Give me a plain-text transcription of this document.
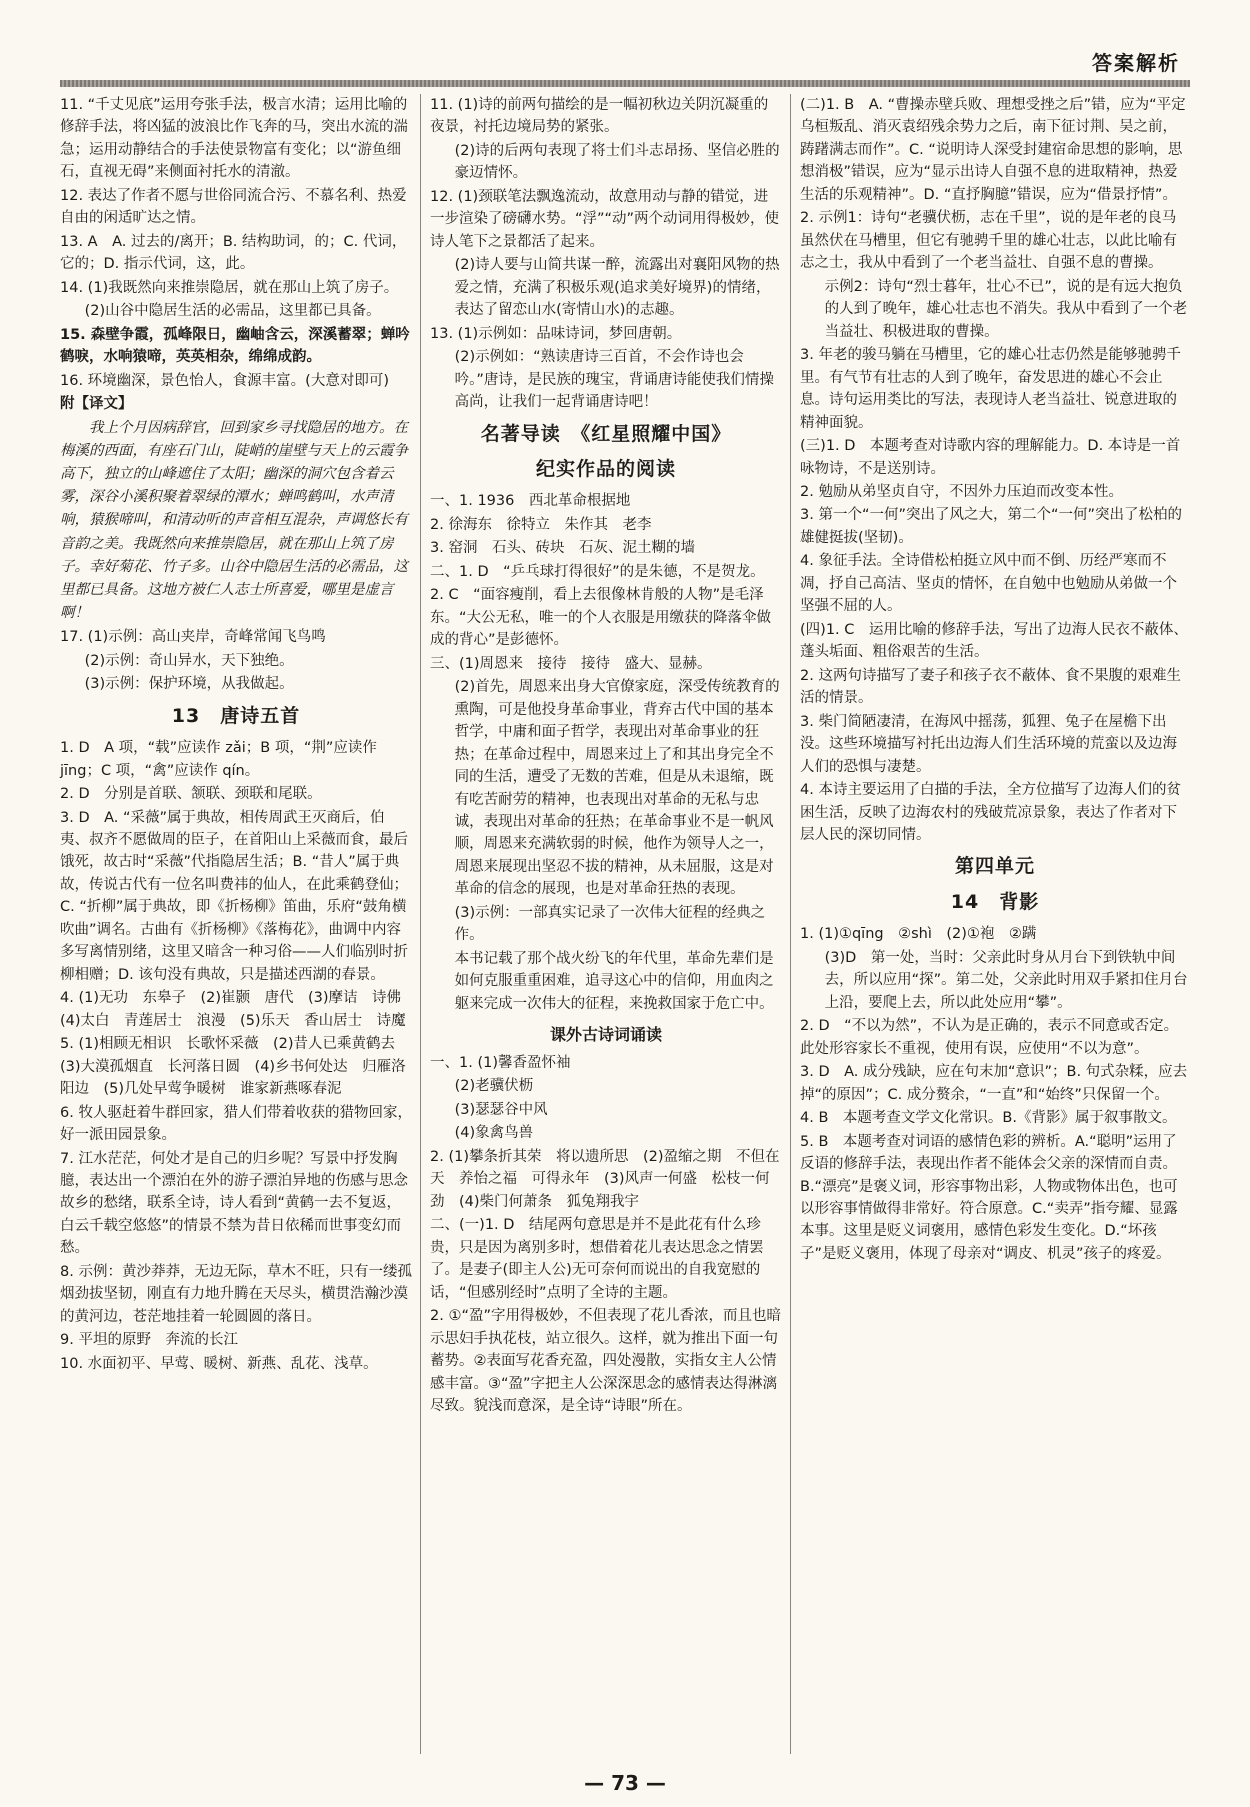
答案解析

11. “千丈见底”运用夸张手法，极言水清；运用比喻的修辞手法，将凶猛的波浪比作飞奔的马，突出水流的湍急；运用动静结合的手法使景物富有变化；以“游鱼细石，直视无碍”来侧面衬托水的清澈。

12. 表达了作者不愿与世俗同流合污、不慕名利、热爱自由的闲适旷达之情。

13. A　A. 过去的/离开；B. 结构助词，的；C. 代词，它的；D. 指示代词，这，此。

14. (1)我既然向来推崇隐居，就在那山上筑了房子。

(2)山谷中隐居生活的必需品，这里都已具备。

15. 森壁争霞，孤峰限日，幽岫含云，深溪蓄翠；蝉吟鹤唳，水响猿啼，英英相杂，绵绵成韵。

16. 环境幽深，景色怡人，食源丰富。(大意对即可)

附【译文】

我上个月因病辞官，回到家乡寻找隐居的地方。在梅溪的西面，有座石门山，陡峭的崖壁与天上的云霞争高下，独立的山峰遮住了太阳；幽深的洞穴包含着云雾，深谷小溪积聚着翠绿的潭水；蝉鸣鹤叫，水声清响，猿猴啼叫，和清动听的声音相互混杂，声调悠长有音韵之美。我既然向来推崇隐居，就在那山上筑了房子。幸好菊花、竹子多。山谷中隐居生活的必需品，这里都已具备。这地方被仁人志士所喜爱，哪里是虚言啊！

17. (1)示例：高山夹岸，奇峰常闻飞鸟鸣

(2)示例：奇山异水，天下独绝。

(3)示例：保护环境，从我做起。

13　唐诗五首

1. D　A 项，“载”应读作 zǎi；B 项，“荆”应读作 jīng；C 项，“禽”应读作 qín。

2. D　分别是首联、颔联、颈联和尾联。

3. D　A. “采薇”属于典故，相传周武王灭商后，伯夷、叔齐不愿做周的臣子，在首阳山上采薇而食，最后饿死，故古时“采薇”代指隐居生活；B. “昔人”属于典故，传说古代有一位名叫费祎的仙人，在此乘鹤登仙；C. “折柳”属于典故，即《折杨柳》笛曲，乐府“鼓角横吹曲”调名。古曲有《折杨柳》《落梅花》，曲调中内容多写离情别绪，这里又暗含一种习俗——人们临别时折柳相赠；D. 该句没有典故，只是描述西湖的春景。

4. (1)无功　东皋子　(2)崔颢　唐代　(3)摩诘　诗佛　(4)太白　青莲居士　浪漫　(5)乐天　香山居士　诗魔

5. (1)相顾无相识　长歌怀采薇　(2)昔人已乘黄鹤去　(3)大漠孤烟直　长河落日圆　(4)乡书何处达　归雁洛阳边　(5)几处早莺争暖树　谁家新燕啄春泥

6. 牧人驱赶着牛群回家，猎人们带着收获的猎物回家，好一派田园景象。

7. 江水茫茫，何处才是自己的归乡呢？写景中抒发胸臆，表达出一个漂泊在外的游子漂泊异地的伤感与思念故乡的愁绪，联系全诗，诗人看到“黄鹤一去不复返，白云千载空悠悠”的情景不禁为昔日依稀而世事变幻而愁。

8. 示例：黄沙莽莽，无边无际，草木不旺，只有一缕孤烟劲拔坚韧，刚直有力地升腾在天尽头，横贯浩瀚沙漠的黄河边，苍茫地挂着一轮圆圆的落日。

9. 平坦的原野　奔流的长江

10. 水面初平、早莺、暖树、新燕、乱花、浅草。

11. (1)诗的前两句描绘的是一幅初秋边关阴沉凝重的夜景，衬托边境局势的紧张。

(2)诗的后两句表现了将士们斗志昂扬、坚信必胜的豪迈情怀。

12. (1)颈联笔法飘逸流动，故意用动与静的错觉，进一步渲染了磅礴水势。“浮”“动”两个动词用得极妙，使诗人笔下之景都活了起来。

(2)诗人要与山简共谋一醉，流露出对襄阳风物的热爱之情，充满了积极乐观(追求美好境界)的情绪，表达了留恋山水(寄情山水)的志趣。

13. (1)示例如：品味诗词，梦回唐朝。

(2)示例如：“熟读唐诗三百首，不会作诗也会吟。”唐诗，是民族的瑰宝，背诵唐诗能使我们情操高尚，让我们一起背诵唐诗吧！

名著导读　《红星照耀中国》
纪实作品的阅读

一、1. 1936　西北革命根据地

2. 徐海东　徐特立　朱作其　老李

3. 窑洞　石头、砖块　石灰、泥土糊的墙

二、1. D　“乒乓球打得很好”的是朱德，不是贺龙。

2. C　“面容瘦削，看上去很像林肯般的人物”是毛泽东。“大公无私，唯一的个人衣服是用缴获的降落伞做成的背心”是彭德怀。

三、(1)周恩来　接待　接待　盛大、显赫。

(2)首先，周恩来出身大官僚家庭，深受传统教育的熏陶，可是他投身革命事业，背弃古代中国的基本哲学，中庸和面子哲学，表现出对革命事业的狂热；在革命过程中，周恩来过上了和其出身完全不同的生活，遭受了无数的苦难，但是从未退缩，既有吃苦耐劳的精神，也表现出对革命的无私与忠诚，表现出对革命的狂热；在革命事业不是一帆风顺，周恩来充满软弱的时候，他作为领导人之一，周恩来展现出坚忍不拔的精神，从未屈服，这是对革命的信念的展现，也是对革命狂热的表现。

(3)示例：一部真实记录了一次伟大征程的经典之作。

本书记载了那个战火纷飞的年代里，革命先辈们是如何克服重重困难，追寻这心中的信仰，用血肉之躯来完成一次伟大的征程，来挽救国家于危亡中。

课外古诗词诵读

一、1. (1)馨香盈怀袖

(2)老骥伏枥

(3)瑟瑟谷中风

(4)象禽鸟兽

2. (1)攀条折其荣　将以遗所思　(2)盈缩之期　不但在天　养怡之福　可得永年　(3)风声一何盛　松枝一何劲　(4)柴门何萧条　狐兔翔我宇

二、(一)1. D　结尾两句意思是并不是此花有什么珍贵，只是因为离别多时，想借着花儿表达思念之情罢了。是妻子(即主人公)无可奈何而说出的自我宽慰的话，“但感别经时”点明了全诗的主题。

2. ①“盈”字用得极妙，不但表现了花儿香浓，而且也暗示思妇手执花枝，站立很久。这样，就为推出下面一句蓄势。②表面写花香充盈，四处漫散，实指女主人公情感丰富。③“盈”字把主人公深深思念的感情表达得淋漓尽致。貌浅而意深，是全诗“诗眼”所在。

(二)1. B　A. “曹操赤壁兵败、理想受挫之后”错，应为“平定乌桓叛乱、消灭袁绍残余势力之后，南下征讨荆、吴之前，踌躇满志而作”。C. “说明诗人深受封建宿命思想的影响，思想消极”错误，应为“显示出诗人自强不息的进取精神，热爱生活的乐观精神”。D. “直抒胸臆”错误，应为“借景抒情”。

2. 示例1：诗句“老骥伏枥，志在千里”，说的是年老的良马虽然伏在马槽里，但它有驰骋千里的雄心壮志，以此比喻有志之士，我从中看到了一个老当益壮、自强不息的曹操。

示例2：诗句“烈士暮年，壮心不已”，说的是有远大抱负的人到了晚年，雄心壮志也不消失。我从中看到了一个老当益壮、积极进取的曹操。

3. 年老的骏马躺在马槽里，它的雄心壮志仍然是能够驰骋千里。有气节有壮志的人到了晚年，奋发思进的雄心不会止息。诗句运用类比的写法，表现诗人老当益壮、锐意进取的精神面貌。

(三)1. D　本题考查对诗歌内容的理解能力。D. 本诗是一首咏物诗，不是送别诗。

2. 勉励从弟坚贞自守，不因外力压迫而改变本性。

3. 第一个“一何”突出了风之大，第二个“一何”突出了松柏的雄健挺拔(坚韧)。

4. 象征手法。全诗借松柏挺立风中而不倒、历经严寒而不凋，抒自己高洁、坚贞的情怀，在自勉中也勉励从弟做一个坚强不屈的人。

(四)1. C　运用比喻的修辞手法，写出了边海人民衣不蔽体、蓬头垢面、粗俗艰苦的生活。

2. 这两句诗描写了妻子和孩子衣不蔽体、食不果腹的艰难生活的情景。

3. 柴门简陋凄清，在海风中摇荡，狐狸、兔子在屋檐下出没。这些环境描写衬托出边海人们生活环境的荒蛮以及边海人们的恐惧与凄楚。

4. 本诗主要运用了白描的手法，全方位描写了边海人们的贫困生活，反映了边海农村的残破荒凉景象，表达了作者对下层人民的深切同情。

第四单元
14　背影

1. (1)①qīng　②shì　(2)①袍　②蹒

(3)D　第一处，当时：父亲此时身从月台下到铁轨中间去，所以应用“探”。第二处，父亲此时用双手紧扣住月台上沿，要爬上去，所以此处应用“攀”。

2. D　“不以为然”，不认为是正确的，表示不同意或否定。此处形容家长不重视，使用有误，应使用“不以为意”。

3. D　A. 成分残缺，应在句末加“意识”；B. 句式杂糅，应去掉“的原因”；C. 成分赘余，“一直”和“始终”只保留一个。

4. B　本题考查文学文化常识。B.《背影》属于叙事散文。

5. B　本题考查对词语的感情色彩的辨析。A.“聪明”运用了反语的修辞手法，表现出作者不能体会父亲的深情而自责。B.“漂亮”是褒义词，形容事物出彩，人物或物体出色，也可以形容事情做得非常好。符合原意。C.“卖弄”指夸耀、显露本事。这里是贬义词褒用，感情色彩发生变化。D.“坏孩子”是贬义褒用，体现了母亲对“调皮、机灵”孩子的疼爱。

— 73 —
